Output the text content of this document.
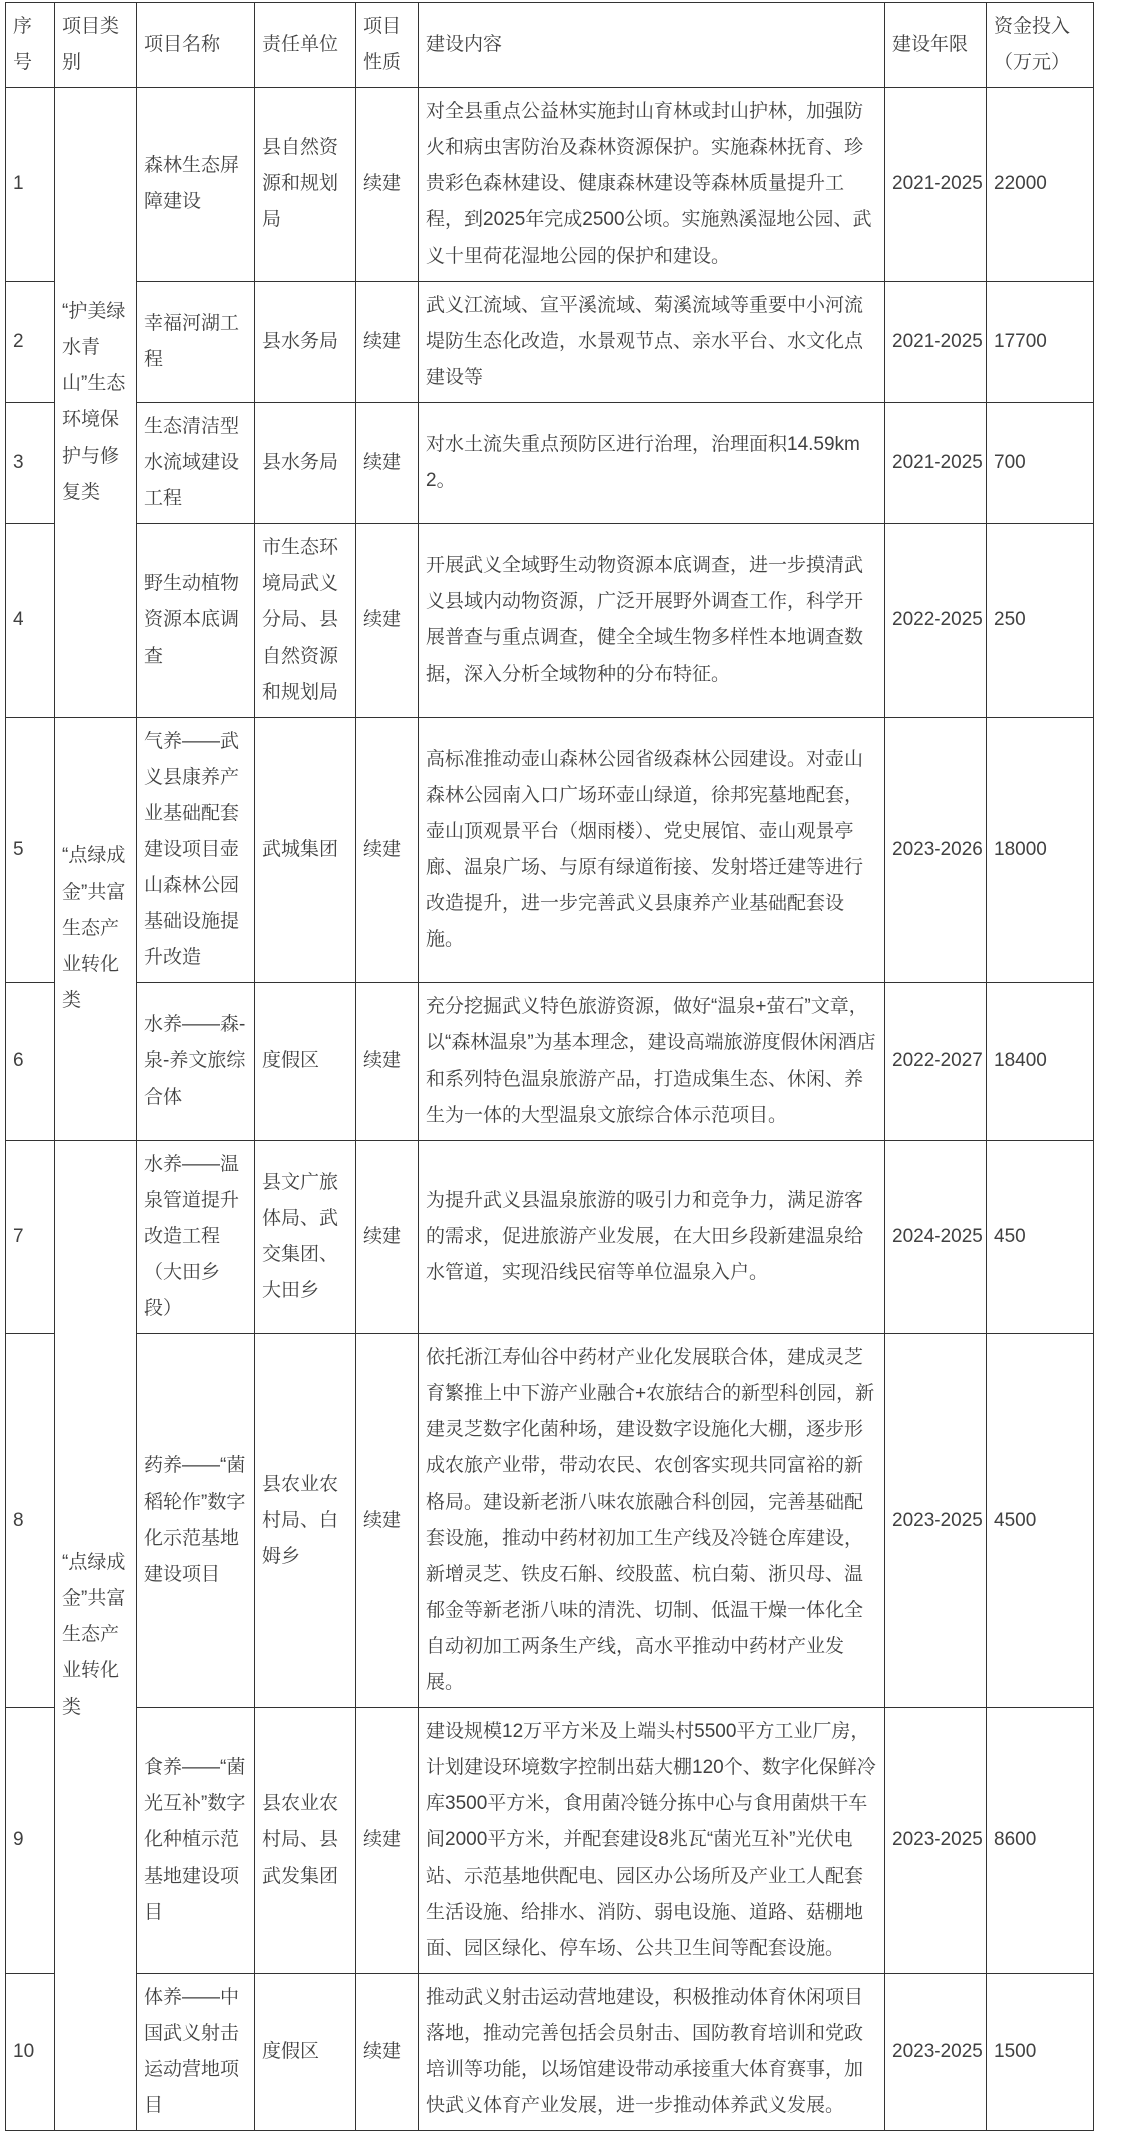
序号	项目类别	项目名称	责任单位	项目性质	建设内容	建设年限	资金投入（万元）
1	“护美绿水青山”生态环境保护与修复类	森林生态屏障建设	县自然资源和规划局	续建	对全县重点公益林实施封山育林或封山护林，加强防火和病虫害防治及森林资源保护。实施森林抚育、珍贵彩色森林建设、健康森林建设等森林质量提升工程，到2025年完成2500公顷。实施熟溪湿地公园、武义十里荷花湿地公园的保护和建设。	2021-2025	22000
2		幸福河湖工程	县水务局	续建	武义江流域、宣平溪流域、菊溪流域等重要中小河流堤防生态化改造，水景观节点、亲水平台、水文化点建设等	2021-2025	17700
3		生态清洁型水流域建设工程	县水务局	续建	对水土流失重点预防区进行治理，治理面积14.59km2。	2021-2025	700
4		野生动植物资源本底调查	市生态环境局武义分局、县自然资源和规划局	续建	开展武义全域野生动物资源本底调查，进一步摸清武义县域内动物资源，广泛开展野外调查工作，科学开展普查与重点调查，健全全域生物多样性本地调查数据，深入分析全域物种的分布特征。	2022-2025	250
5	“点绿成金”共富生态产业转化类	气养——武义县康养产业基础配套建设项目壶山森林公园基础设施提升改造	武城集团	续建	高标准推动壶山森林公园省级森林公园建设。对壶山森林公园南入口广场环壶山绿道，徐邦宪墓地配套，壶山顶观景平台（烟雨楼）、党史展馆、壶山观景亭廊、温泉广场、与原有绿道衔接、发射塔迁建等进行改造提升，进一步完善武义县康养产业基础配套设施。	2023-2026	18000
6		水养——森-泉-养文旅综合体	度假区	续建	充分挖掘武义特色旅游资源，做好“温泉+萤石”文章，以“森林温泉”为基本理念，建设高端旅游度假休闲酒店和系列特色温泉旅游产品，打造成集生态、休闲、养生为一体的大型温泉文旅综合体示范项目。	2022-2027	18400
7	“点绿成金”共富生态产业转化类	水养——温泉管道提升改造工程（大田乡段）	县文广旅体局、武交集团、大田乡	续建	为提升武义县温泉旅游的吸引力和竞争力，满足游客的需求，促进旅游产业发展，在大田乡段新建温泉给水管道，实现沿线民宿等单位温泉入户。	2024-2025	450
8		药养——“菌稻轮作”数字化示范基地建设项目	县农业农村局、白姆乡	续建	依托浙江寿仙谷中药材产业化发展联合体，建成灵芝育繁推上中下游产业融合+农旅结合的新型科创园，新建灵芝数字化菌种场，建设数字设施化大棚，逐步形成农旅产业带，带动农民、农创客实现共同富裕的新格局。建设新老浙八味农旅融合科创园，完善基础配套设施，推动中药材初加工生产线及冷链仓库建设，新增灵芝、铁皮石斛、绞股蓝、杭白菊、浙贝母、温郁金等新老浙八味的清洗、切制、低温干燥一体化全自动初加工两条生产线，高水平推动中药材产业发展。	2023-2025	4500
9		食养——“菌光互补”数字化种植示范基地建设项目	县农业农村局、县武发集团	续建	建设规模12万平方米及上端头村5500平方工业厂房，计划建设环境数字控制出菇大棚120个、数字化保鲜冷库3500平方米，食用菌冷链分拣中心与食用菌烘干车间2000平方米，并配套建设8兆瓦“菌光互补”光伏电站、示范基地供配电、园区办公场所及产业工人配套生活设施、给排水、消防、弱电设施、道路、菇棚地面、园区绿化、停车场、公共卫生间等配套设施。	2023-2025	8600
10		体养——中国武义射击运动营地项目	度假区	续建	推动武义射击运动营地建设，积极推动体育休闲项目落地，推动完善包括会员射击、国防教育培训和党政培训等功能，以场馆建设带动承接重大体育赛事，加快武义体育产业发展，进一步推动体养武义发展。	2023-2025	1500
